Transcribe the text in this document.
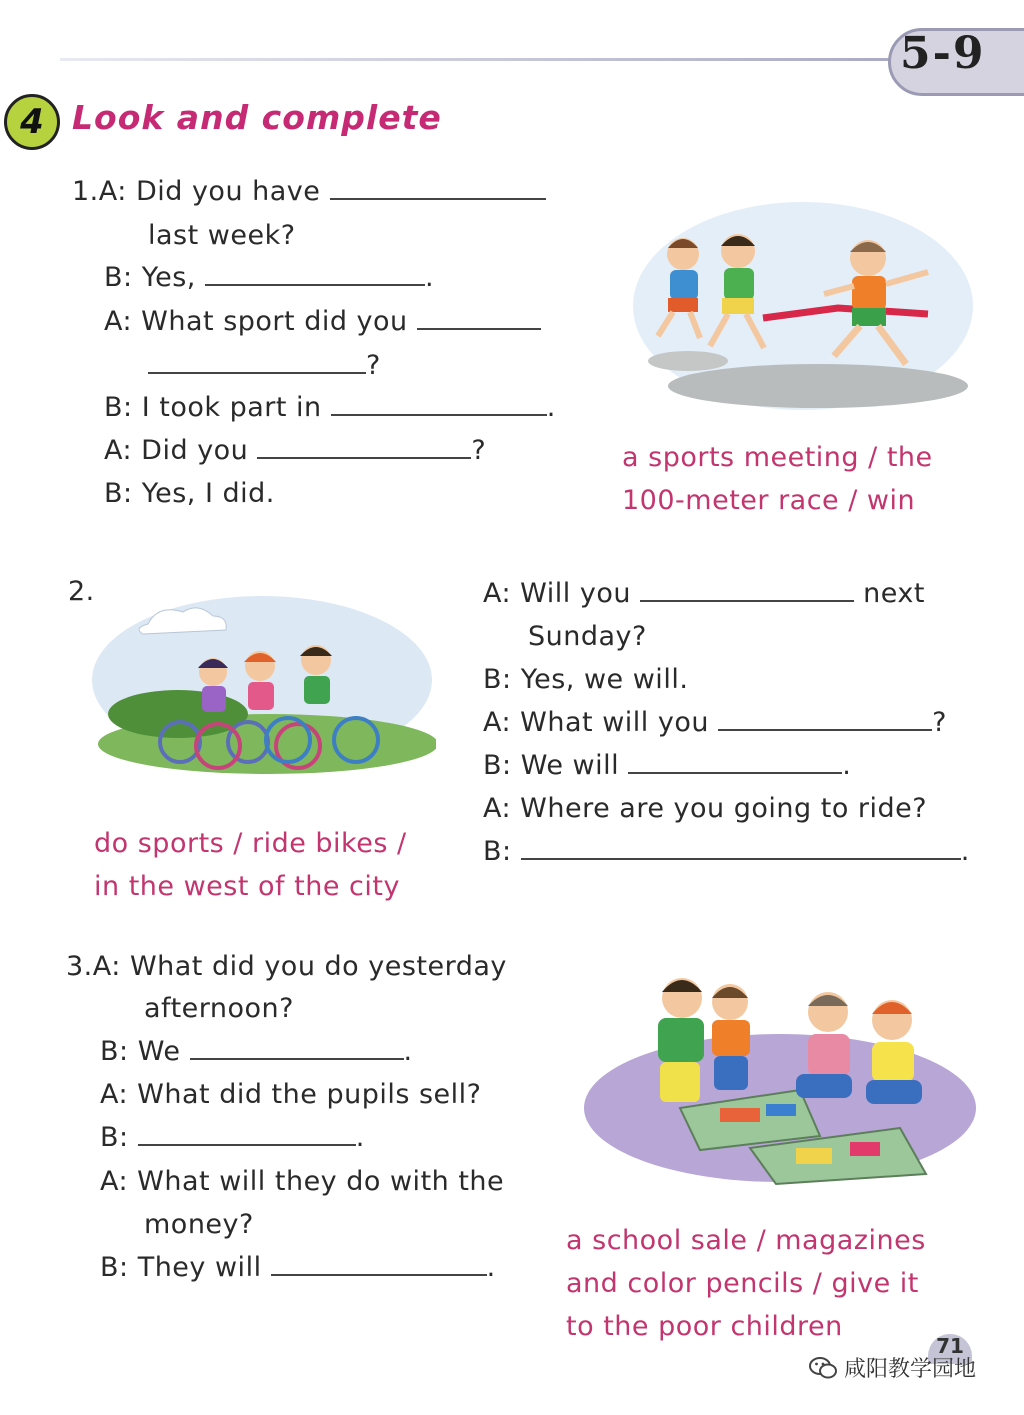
5-9
4 Look and complete
1.A: Did you have
last week?
B: Yes,	.
A: What sport did you
?
B: I took part in	.
A: Did you	?
B: Yes, I did.
a sports meeting / the
100-meter race / win
2.
do sports / ride bikes /
in the west of the city
A: Will you	next
Sunday?
B: Yes, we will.
A: What will you	?
B: We will	.
A: Where are you going to ride?
B:	.
3.A: What did you do yesterday
afternoon?
B: We	.
A: What did the pupils sell?
B:	.
A: What will they do with the
money?
B: They will	.
a school sale / magazines
and color pencils / give it
to the poor children
71
咸阳教学园地
